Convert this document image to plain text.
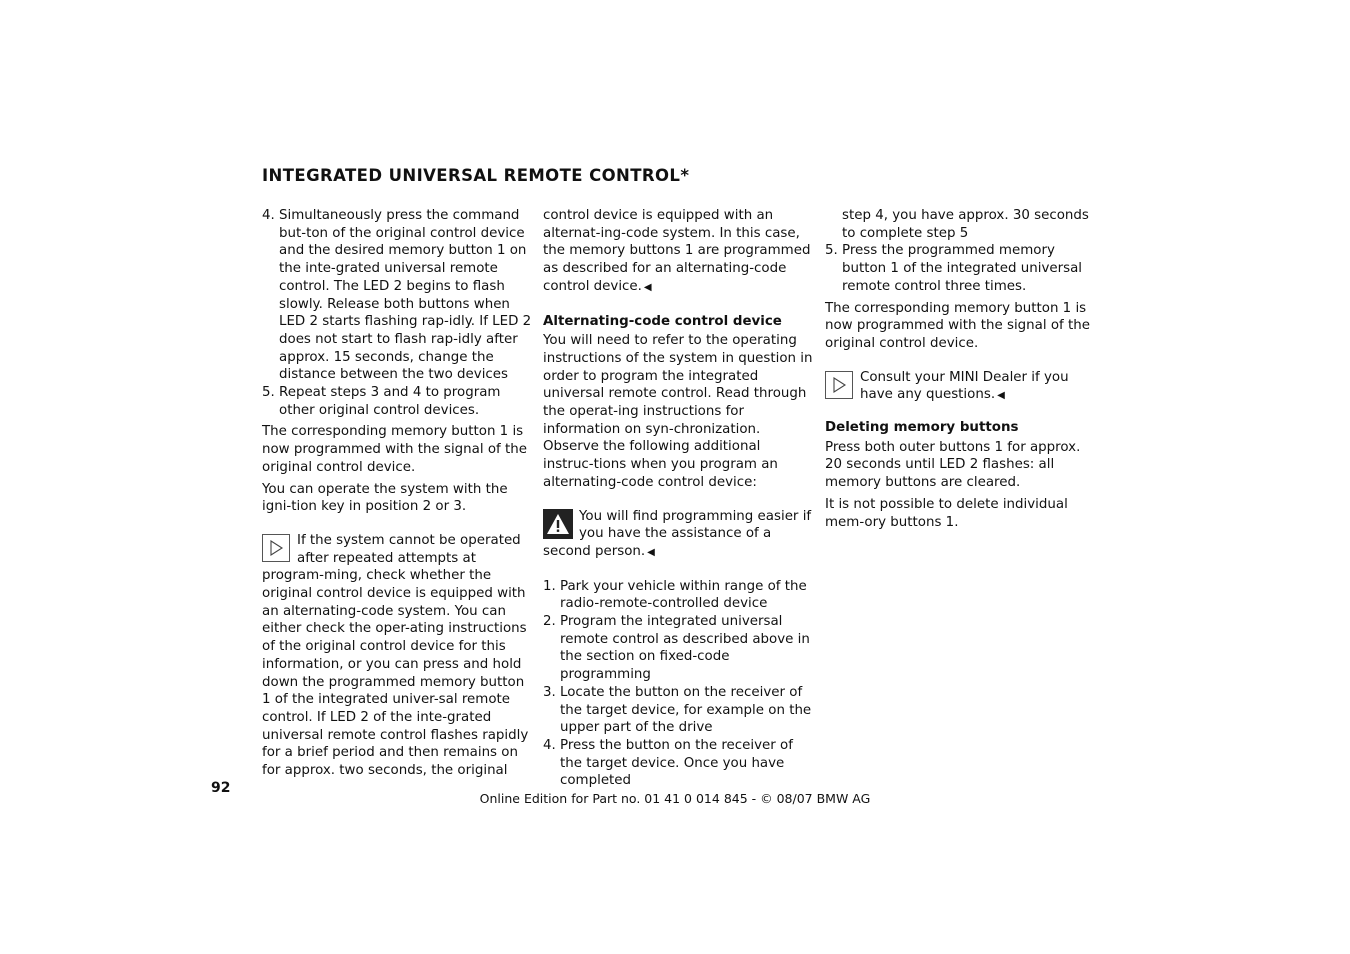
INTEGRATED UNIVERSAL REMOTE CONTROL*
4. Simultaneously press the command but-ton of the original control device and the desired memory button 1 on the inte-grated universal remote control. The LED 2 begins to flash slowly. Release both buttons when LED 2 starts flashing rap-idly. If LED 2 does not start to flash rap-idly after approx. 15 seconds, change the distance between the two devices
5. Repeat steps 3 and 4 to program other original control devices.

The corresponding memory button 1 is now programmed with the signal of the original control device.

You can operate the system with the igni-tion key in position 2 or 3.

If the system cannot be operated after repeated attempts at program-ming, check whether the original control device is equipped with an alternating-code system. You can either check the oper-ating instructions of the original control device for this information, or you can press and hold down the programmed memory button 1 of the integrated univer-sal remote control. If LED 2 of the inte-grated universal remote control flashes rapidly for a brief period and then remains on for approx. two seconds, the original

control device is equipped with an alternat-ing-code system. In this case, the memory buttons 1 are programmed as described for an alternating-code control device. ◀

Alternating-code control device

You will need to refer to the operating instructions of the system in question in order to program the integrated universal remote control. Read through the operat-ing instructions for information on syn-chronization.

Observe the following additional instruc-tions when you program an alternating-code control device:

You will find programming easier if you have the assistance of a second person. ◀
1. Park your vehicle within range of the radio-remote-controlled device
2. Program the integrated universal remote control as described above in the section on fixed-code programming
3. Locate the button on the receiver of the target device, for example on the upper part of the drive
4. Press the button on the receiver of the target device. Once you have completed

step 4, you have approx. 30 seconds to complete step 5

5. Press the programmed memory button 1 of the integrated universal remote control three times.

The corresponding memory button 1 is now programmed with the signal of the original control device.

Consult your MINI Dealer if you have any questions. ◀

Deleting memory buttons

Press both outer buttons 1 for approx.

20 seconds until LED 2 flashes: all memory buttons are cleared.

It is not possible to delete individual mem-ory buttons 1.

92
Online Edition for Part no. 01 41 0 014 845 - © 08/07 BMW AG
